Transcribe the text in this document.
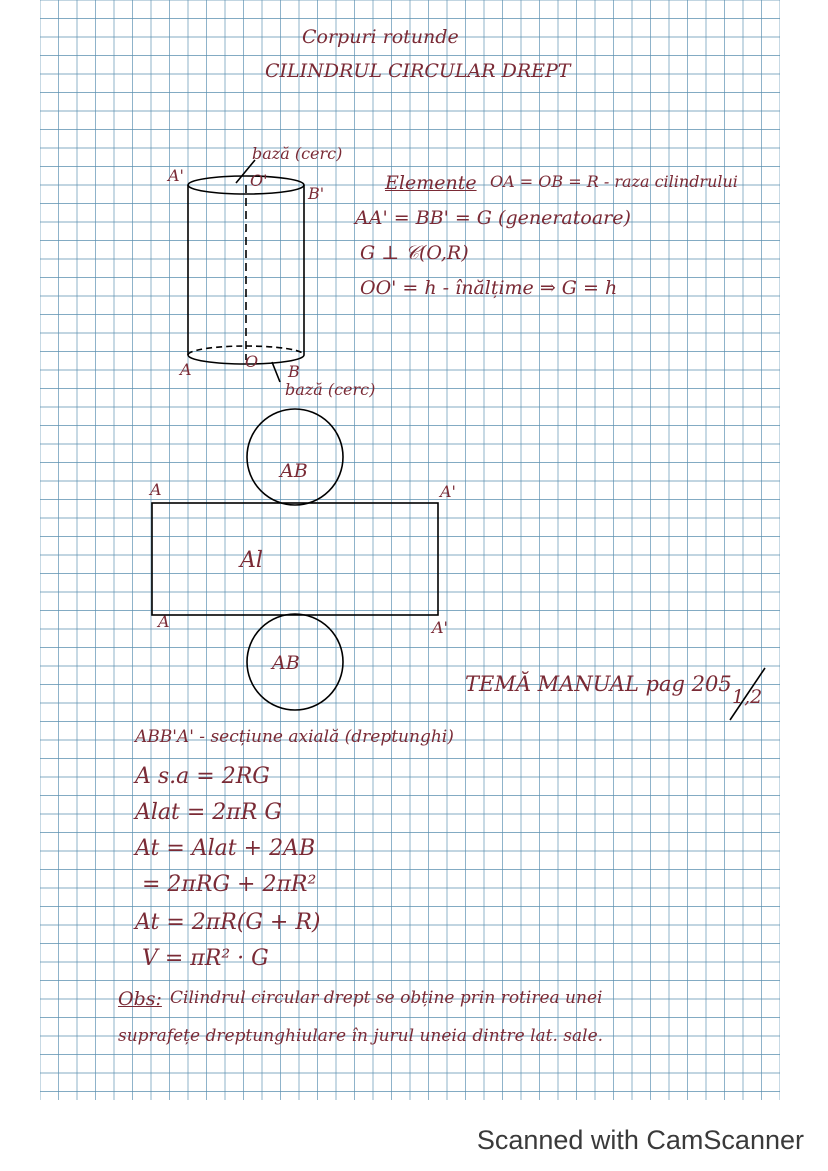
Corpuri rotunde
CILINDRUL CIRCULAR DREPT
bază (cerc)
A'	O'
B'
A	O
B
bază (cerc)
Elemente OA = OB = R - raza cilindrului
AA' = BB' = G (generatoare)
G ⊥ 𝒞(O,R)
OO' = h - înălțime ⇒ G = h
AB
A	A'
Al
A	A'
AB
TEMĂ MANUAL pag 205
1,2
ABB'A' - secțiune axială (dreptunghi)
A s.a = 2RG
Alat = 2πR G
At = Alat + 2AB
= 2πRG + 2πR²
At = 2πR(G + R)
V = πR² · G
Obs: Cilindrul circular drept se obține prin rotirea unei
suprafețe dreptunghiulare în jurul uneia dintre lat. sale.
Scanned with CamScanner
